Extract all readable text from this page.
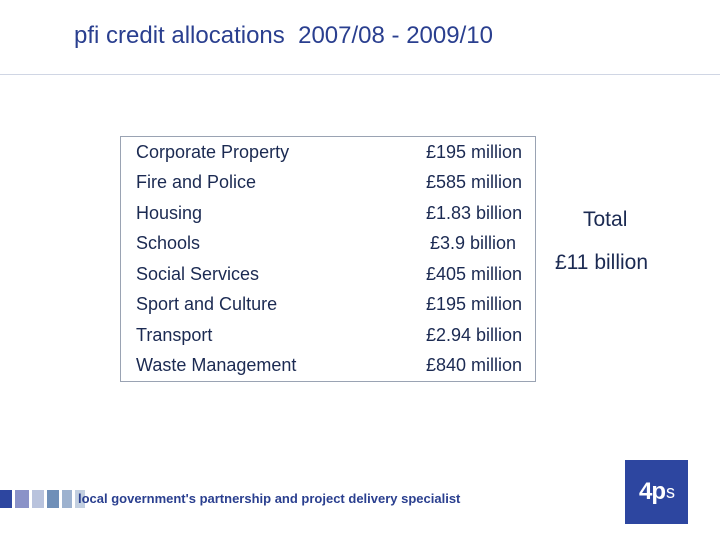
pfi credit allocations  2007/08 - 2009/10
Corporate Property	£195 million
Fire and Police	£585 million
Housing	£1.83 billion
Schools	£3.9 billion
Social Services	£405 million
Sport and Culture	£195 million
Transport	£2.94 billion
Waste Management	£840 million
Total
£11 billion
local government's partnership and project delivery specialist	4p s
